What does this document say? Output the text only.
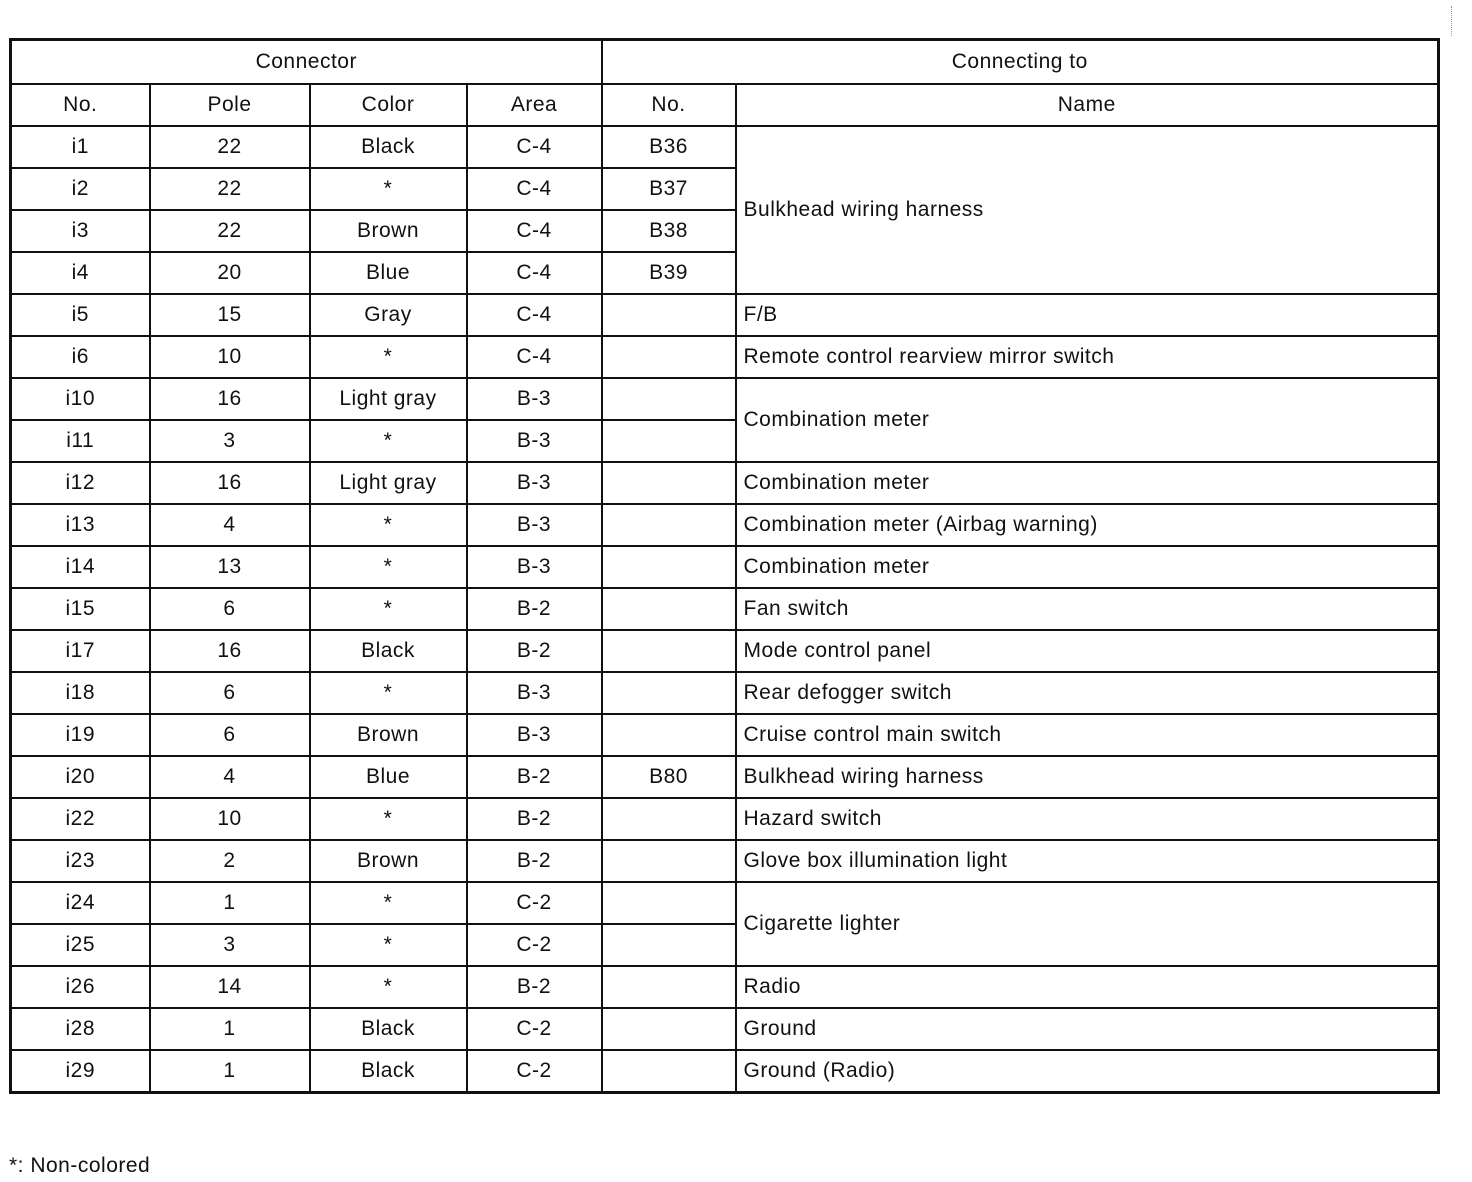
Connector				Connecting to	
No.	Pole	Color	Area	No.	Name
i1	22	Black	C-4	B36	Bulkhead wiring harness
i2	22	*	C-4	B37	
i3	22	Brown	C-4	B38	
i4	20	Blue	C-4	B39	
i5	15	Gray	C-4		F/B
i6	10	*	C-4		Remote control rearview mirror switch
i10	16	Light gray	B-3		Combination meter
i11	3	*	B-3		
i12	16	Light gray	B-3		Combination meter
i13	4	*	B-3		Combination meter (Airbag warning)
i14	13	*	B-3		Combination meter
i15	6	*	B-2		Fan switch
i17	16	Black	B-2		Mode control panel
i18	6	*	B-3		Rear defogger switch
i19	6	Brown	B-3		Cruise control main switch
i20	4	Blue	B-2	B80	Bulkhead wiring harness
i22	10	*	B-2		Hazard switch
i23	2	Brown	B-2		Glove box illumination light
i24	1	*	C-2		Cigarette lighter
i25	3	*	C-2		
i26	14	*	B-2		Radio
i28	1	Black	C-2		Ground
i29	1	Black	C-2		Ground (Radio)
*: Non-colored
